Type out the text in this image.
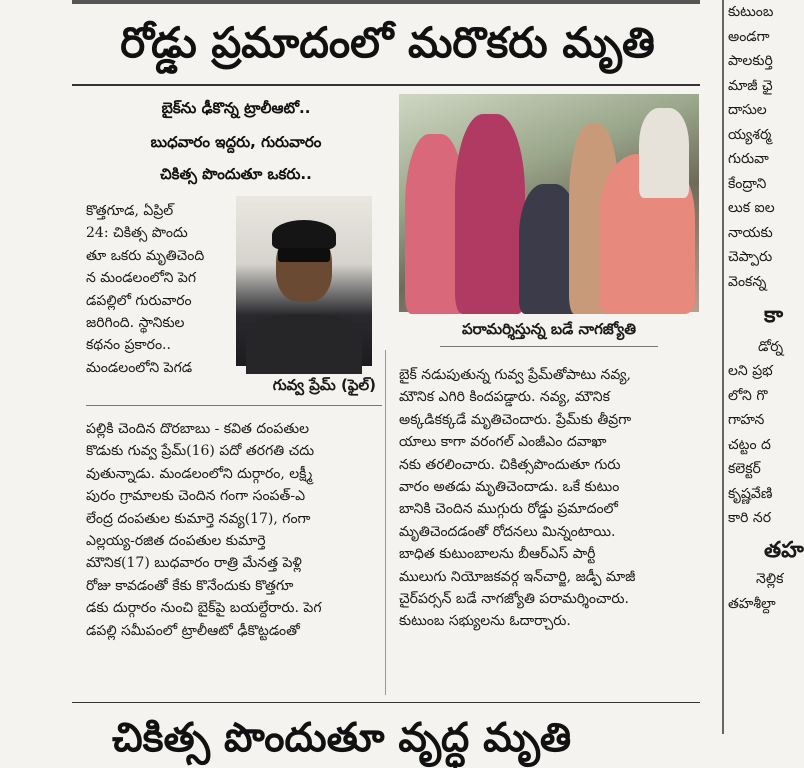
రోడ్డు ప్రమాదంలో మరొకరు మృతి
బైక్‌ను ఢీకొన్న ట్రాలీఆటో..
బుధవారం ఇద్దరు, గురువారం
చికిత్స పొందుతూ ఒకరు..

కొత్తగూడ, ఏప్రిల్

24: చికిత్స పొందు

తూ ఒకరు మృతిచెంది

న మండలంలోని పెగ

డపల్లిలో గురువారం

జరిగింది. స్థానికుల

కథనం ప్రకారం..

మండలంలోని పెగడ

గువ్వ ప్రేమ్ (ఫైల్)

పల్లికి చెందిన దొరబాబు - కవిత దంపతుల

కొడుకు గువ్వ ప్రేమ్(16) పదో తరగతి చదు

వుతున్నాడు. మండలంలోని దుర్గారం, లక్ష్మీ

పురం గ్రామాలకు చెందిన గంగా సంపత్-ఎ

లేంద్ర దంపతుల కుమార్తె నవ్య(17), గంగా

ఎల్లయ్య-రజిత దంపతుల కుమార్తె

మౌనిక(17) బుధవారం రాత్రి మేనత్త పెళ్లి

రోజు కావడంతో కేకు కొనేందుకు కొత్తగూ

డకు దుర్గారం నుంచి బైక్‌పై బయల్దేరారు. పెగ

డపల్లి సమీపంలో ట్రాలీఆటో ఢీకొట్టడంతో

పరామర్శిస్తున్న బడే నాగజ్యోతి

బైక్ నడుపుతున్న గువ్వ ప్రేమ్‌తోపాటు నవ్య,

మౌనిక ఎగిరి కిందపడ్డారు. నవ్య, మౌనిక

అక్కడికక్కడే మృతిచెందారు. ప్రేమ్‌కు తీవ్రగా

యాలు కాగా వరంగల్ ఎంజీఎం దవాఖా

నకు తరలించారు. చికిత్సపొందుతూ గురు

వారం అతడు మృతిచెందాడు. ఒకే కుటుం

బానికి చెందిన ముగ్గురు రోడ్డు ప్రమాదంలో

మృతిచెందడంతో రోదనలు మిన్నంటాయి.

బాధిత కుటుంబాలను బీఆర్ఎస్ పార్టీ

ములుగు నియోజకవర్గ ఇన్‌చార్జి, జడ్పీ మాజీ

చైర్‌పర్సన్ బడే నాగజ్యోతి పరామర్శించారు.

కుటుంబ సభ్యులను ఓదార్చారు.

చికిత్స పొందుతూ వృద్ధ మృతి

కుటుంబ

అండగా

పాలకుర్తి

మాజీ ఛై

దాసుల

య్యశర్మ

గురువా

కేంద్రాని

లుక ఐల

నాయకు

చెప్పారు

వెంకన్న

కా

డోర్న

లని ప్రభ

లోని గొ

గాహన

చట్టం ద

కలెక్టర్

కృష్ణవేణి

కారి నర

తహ

నెల్లిక

తహశీల్దా
